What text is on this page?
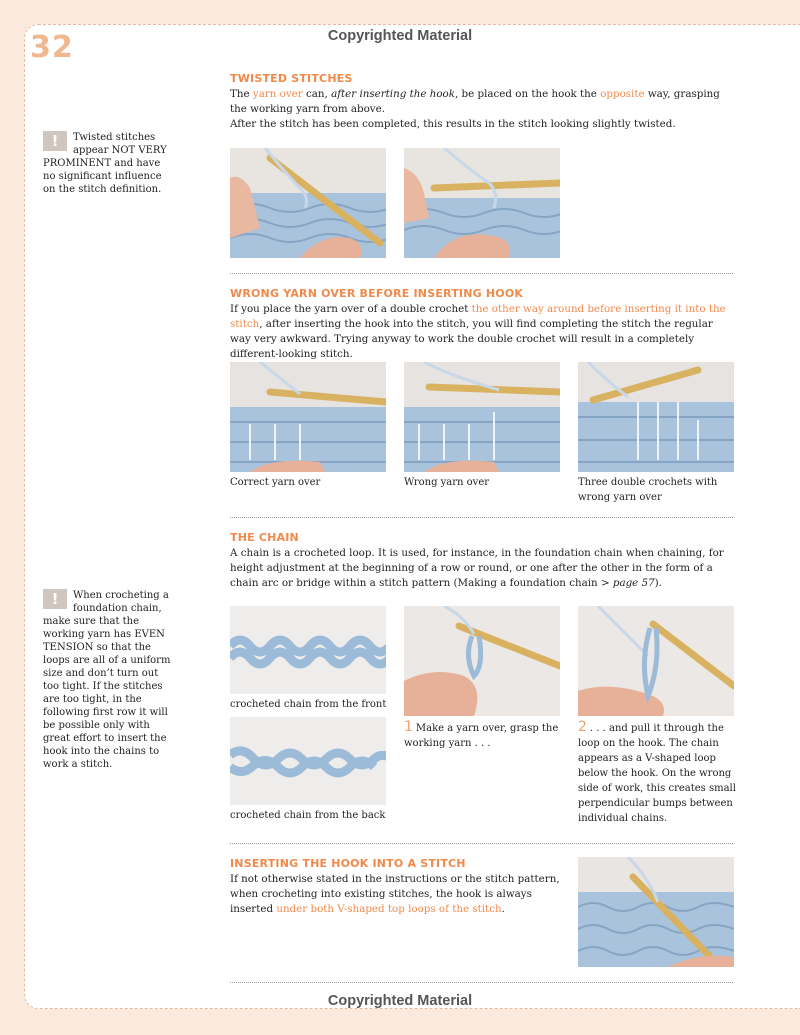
32	Copyrighted Material
Copyrighted Material
!	Twisted stitches appear NOT VERY PROMINENT and have no significant influence on the stitch definition.
!	When crocheting a foundation chain, make sure that the working yarn has EVEN TENSION so that the loops are all of a uniform size and don’t turn out too tight. If the stitches are too tight, in the following first row it will be possible only with great effort to insert the hook into the chains to work a stitch.
TWISTED STITCHES
The yarn over can, after inserting the hook, be placed on the hook the opposite way, grasping the working yarn from above.
After the stitch has been completed, this results in the stitch looking slightly twisted.
WRONG YARN OVER BEFORE INSERTING HOOK
If you place the yarn over of a double crochet the other way around before inserting it into the stitch, after inserting the hook into the stitch, you will find completing the stitch the regular way very awkward. Trying anyway to work the double crochet will result in a completely different-looking stitch.
Correct yarn over	Wrong yarn over	Three double crochets with wrong yarn over
THE CHAIN
A chain is a crocheted loop. It is used, for instance, in the foundation chain when chaining, for height adjustment at the beginning of a row or round, or one after the other in the form of a chain arc or bridge within a stitch pattern (Making a foundation chain > page 57).
crocheted chain from the front
crocheted chain from the back
1 Make a yarn over, grasp the working yarn . . .
2 . . . and pull it through the loop on the hook. The chain appears as a V-shaped loop below the hook. On the wrong side of work, this creates small perpendicular bumps between individual chains.
INSERTING THE HOOK INTO A STITCH
If not otherwise stated in the instructions or the stitch pattern, when crocheting into existing stitches, the hook is always inserted under both V-shaped top loops of the stitch.
